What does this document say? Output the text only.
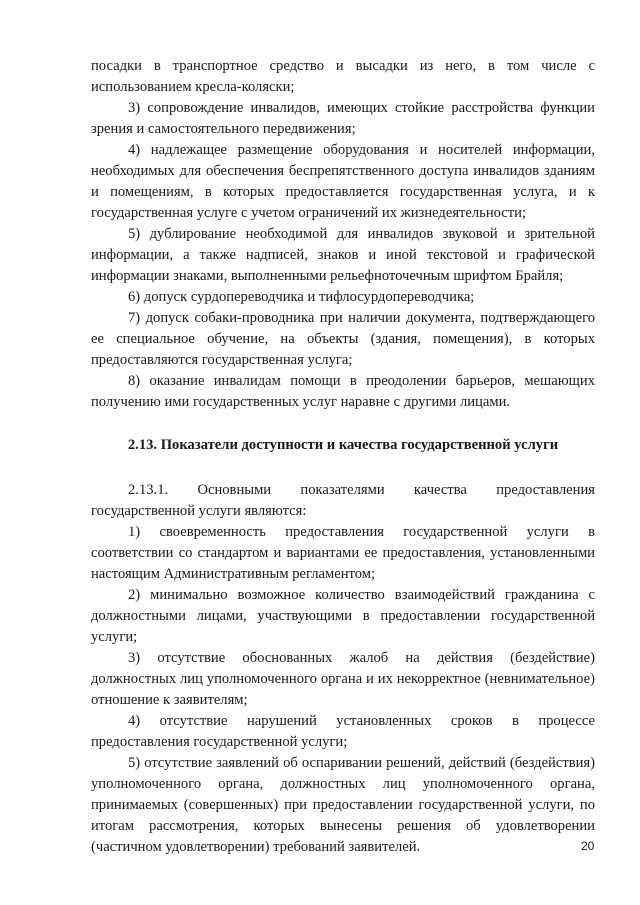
посадки в транспортное средство и высадки из него, в том числе с использованием кресла-коляски;

3) сопровождение инвалидов, имеющих стойкие расстройства функции зрения и самостоятельного передвижения;

4) надлежащее размещение оборудования и носителей информации, необходимых для обеспечения беспрепятственного доступа инвалидов зданиям и помещениям, в которых предоставляется государственная услуга, и к государственная услуге с учетом ограничений их жизнедеятельности;

5) дублирование необходимой для инвалидов звуковой и зрительной информации, а также надписей, знаков и иной текстовой и графической информации знаками, выполненными рельефноточечным шрифтом Брайля;

6) допуск сурдопереводчика и тифлосурдопереводчика;

7) допуск собаки-проводника при наличии документа, подтверждающего ее специальное обучение, на объекты (здания, помещения), в которых предоставляются государственная услуга;

8) оказание инвалидам помощи в преодолении барьеров, мешающих получению ими государственных услуг наравне с другими лицами.

2.13. Показатели доступности и качества государственной услуги

2.13.1. Основными показателями качества предоставления государственной услуги являются:

1) своевременность предоставления государственной услуги в соответствии со стандартом и вариантами ее предоставления, установленными настоящим Административным регламентом;

2) минимально возможное количество взаимодействий гражданина с должностными лицами, участвующими в предоставлении государственной услуги;

3) отсутствие обоснованных жалоб на действия (бездействие) должностных лиц уполномоченного органа и их некорректное (невнимательное) отношение к заявителям;

4) отсутствие нарушений установленных сроков в процессе предоставления государственной услуги;

5) отсутствие заявлений об оспаривании решений, действий (бездействия) уполномоченного органа, должностных лиц уполномоченного органа, принимаемых (совершенных) при предоставлении государственной услуги, по итогам рассмотрения, которых вынесены решения об удовлетворении (частичном удовлетворении) требований заявителей.	20
